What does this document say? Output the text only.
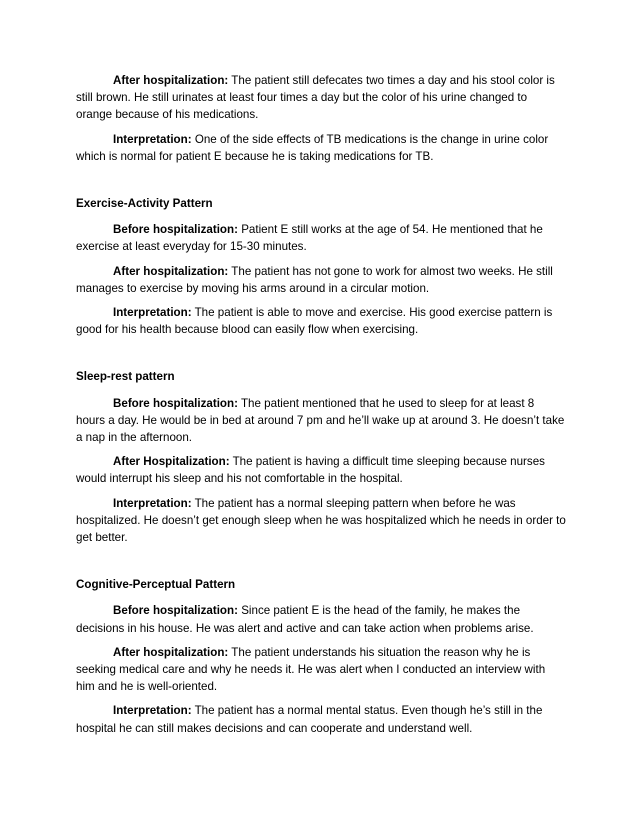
After hospitalization: The patient still defecates two times a day and his stool color is still brown. He still urinates at least four times a day but the color of his urine changed to orange because of his medications.

Interpretation: One of the side effects of TB medications is the change in urine color which is normal for patient E because he is taking medications for TB.

Exercise-Activity Pattern

Before hospitalization: Patient E still works at the age of 54. He mentioned that he exercise at least everyday for 15-30 minutes.

After hospitalization: The patient has not gone to work for almost two weeks. He still manages to exercise by moving his arms around in a circular motion.

Interpretation: The patient is able to move and exercise. His good exercise pattern is good for his health because blood can easily flow when exercising.

Sleep-rest pattern

Before hospitalization: The patient mentioned that he used to sleep for at least 8 hours a day. He would be in bed at around 7 pm and he’ll wake up at around 3. He doesn’t take a nap in the afternoon.

After Hospitalization: The patient is having a difficult time sleeping because nurses would interrupt his sleep and his not comfortable in the hospital.

Interpretation: The patient has a normal sleeping pattern when before he was hospitalized. He doesn’t get enough sleep when he was hospitalized which he needs in order to get better.

Cognitive-Perceptual Pattern

Before hospitalization: Since patient E is the head of the family, he makes the decisions in his house. He was alert and active and can take action when problems arise.

After hospitalization: The patient understands his situation the reason why he is seeking medical care and why he needs it. He was alert when I conducted an interview with him and he is well-oriented.

Interpretation: The patient has a normal mental status. Even though he’s still in the hospital he can still makes decisions and can cooperate and understand well.
